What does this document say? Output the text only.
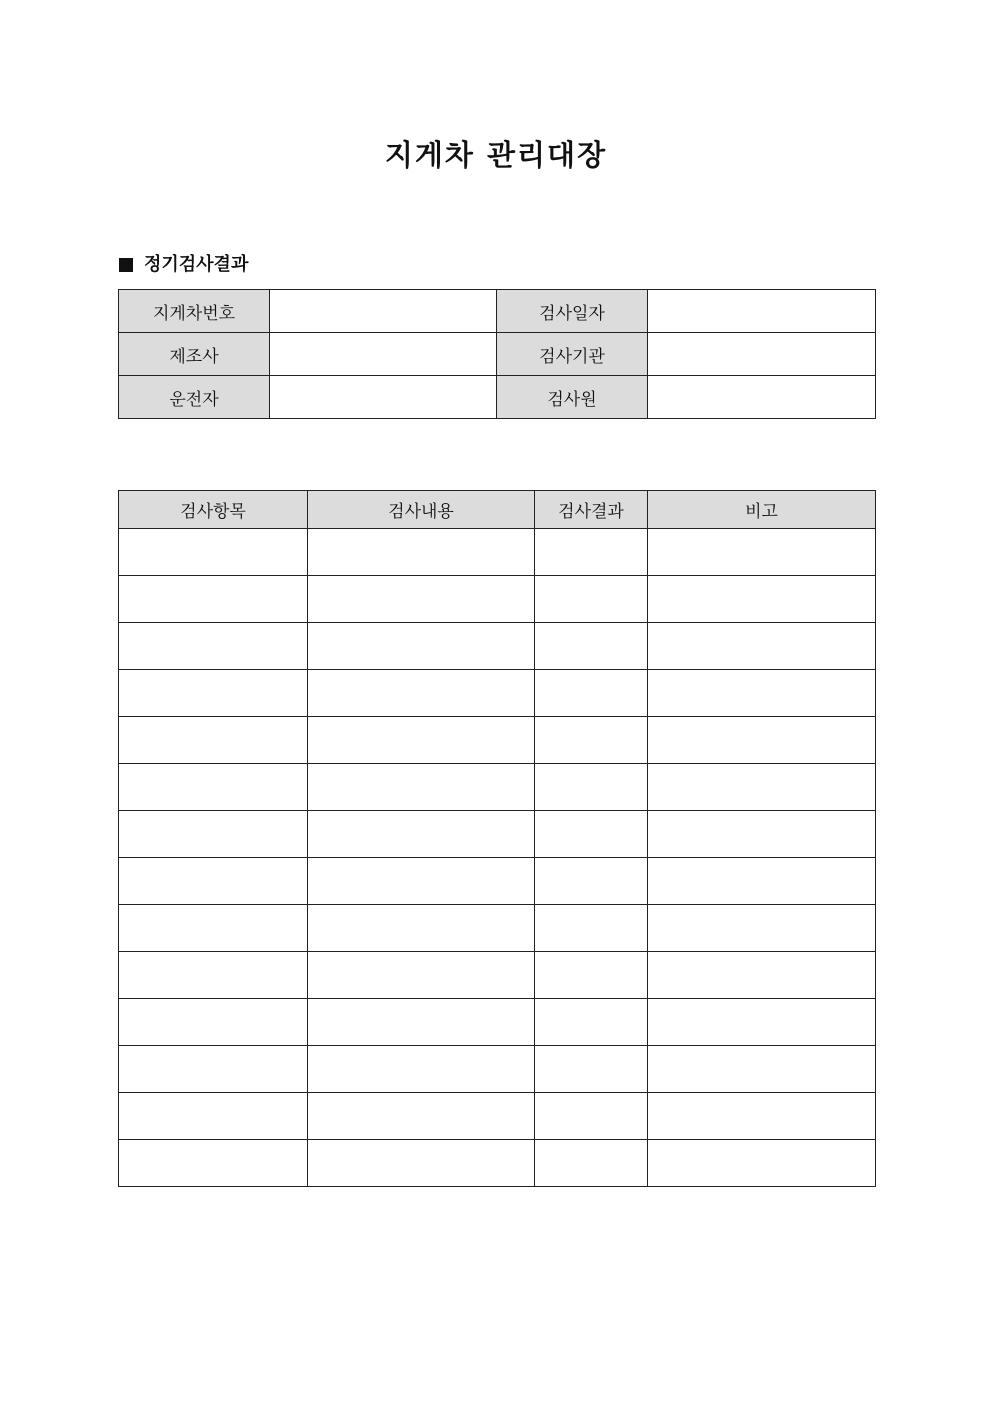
지게차 관리대장
정기검사결과
지게차번호		검사일자	
제조사		검사기관	
운전자		검사원	
검사항목	검사내용	검사결과	비고
